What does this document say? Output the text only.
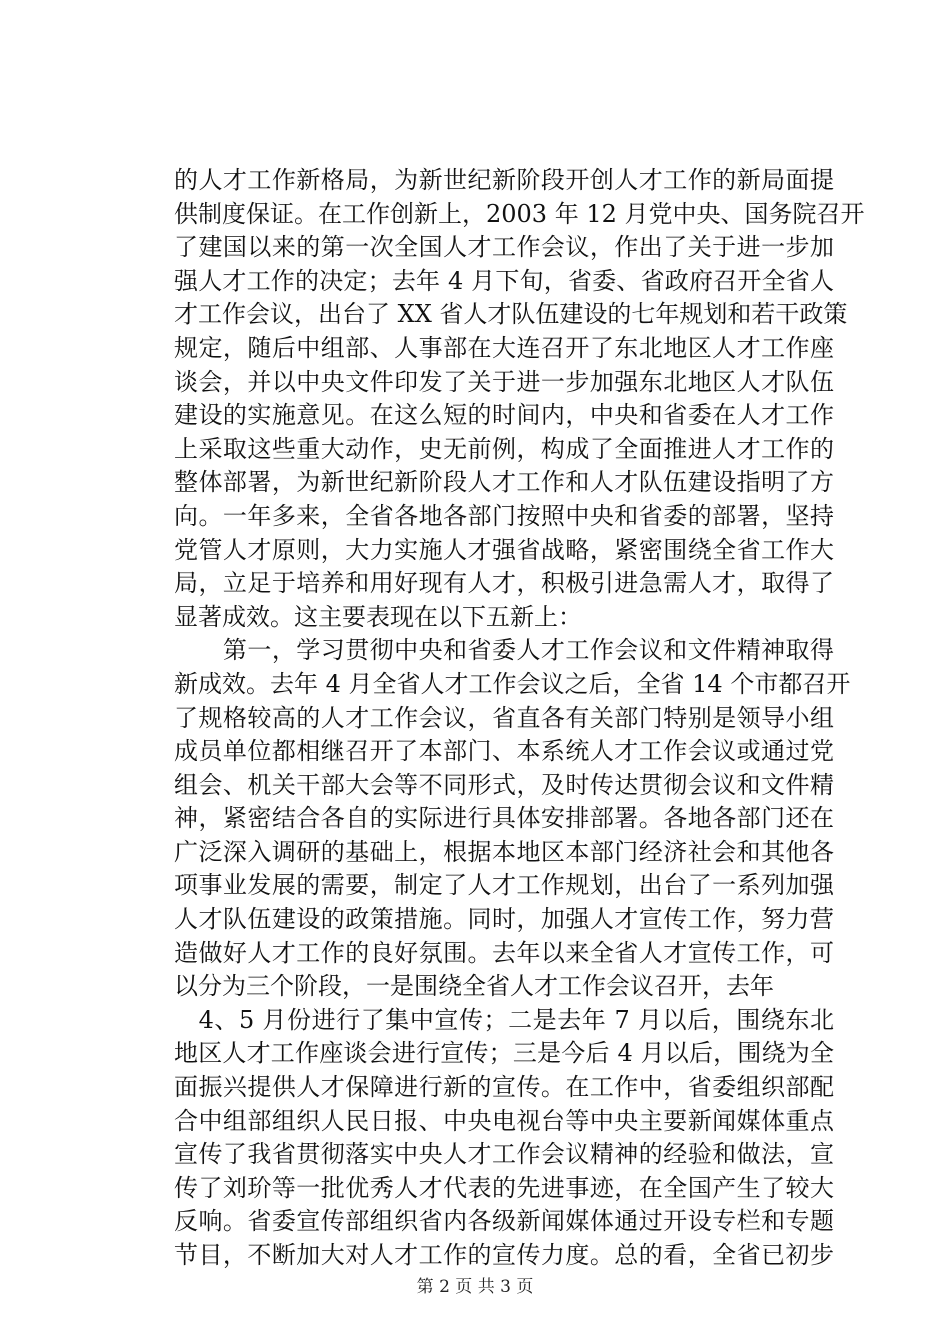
的人才工作新格局，为新世纪新阶段开创人才工作的新局面提
供制度保证。在工作创新上，2003 年 12 月党中央、国务院召开
了建国以来的第一次全国人才工作会议，作出了关于进一步加
强人才工作的决定；去年 4 月下旬，省委、省政府召开全省人
才工作会议，出台了 XX 省人才队伍建设的七年规划和若干政策
规定，随后中组部、人事部在大连召开了东北地区人才工作座
谈会，并以中央文件印发了关于进一步加强东北地区人才队伍
建设的实施意见。在这么短的时间内，中央和省委在人才工作
上采取这些重大动作，史无前例，构成了全面推进人才工作的
整体部署，为新世纪新阶段人才工作和人才队伍建设指明了方
向。一年多来，全省各地各部门按照中央和省委的部署，坚持
党管人才原则，大力实施人才强省战略，紧密围绕全省工作大
局，立足于培养和用好现有人才，积极引进急需人才，取得了
显著成效。这主要表现在以下五新上：
　　第一，学习贯彻中央和省委人才工作会议和文件精神取得
新成效。去年 4 月全省人才工作会议之后，全省 14 个市都召开
了规格较高的人才工作会议，省直各有关部门特别是领导小组
成员单位都相继召开了本部门、本系统人才工作会议或通过党
组会、机关干部大会等不同形式，及时传达贯彻会议和文件精
神，紧密结合各自的实际进行具体安排部署。各地各部门还在
广泛深入调研的基础上，根据本地区本部门经济社会和其他各
项事业发展的需要，制定了人才工作规划，出台了一系列加强
人才队伍建设的政策措施。同时，加强人才宣传工作，努力营
造做好人才工作的良好氛围。去年以来全省人才宣传工作，可
以分为三个阶段，一是围绕全省人才工作会议召开，去年
　4、5 月份进行了集中宣传；二是去年 7 月以后，围绕东北
地区人才工作座谈会进行宣传；三是今后 4 月以后，围绕为全
面振兴提供人才保障进行新的宣传。在工作中，省委组织部配
合中组部组织人民日报、中央电视台等中央主要新闻媒体重点
宣传了我省贯彻落实中央人才工作会议精神的经验和做法，宣
传了刘玠等一批优秀人才代表的先进事迹，在全国产生了较大
反响。省委宣传部组织省内各级新闻媒体通过开设专栏和专题
节目，不断加大对人才工作的宣传力度。总的看，全省已初步
第 2 页 共 3 页
